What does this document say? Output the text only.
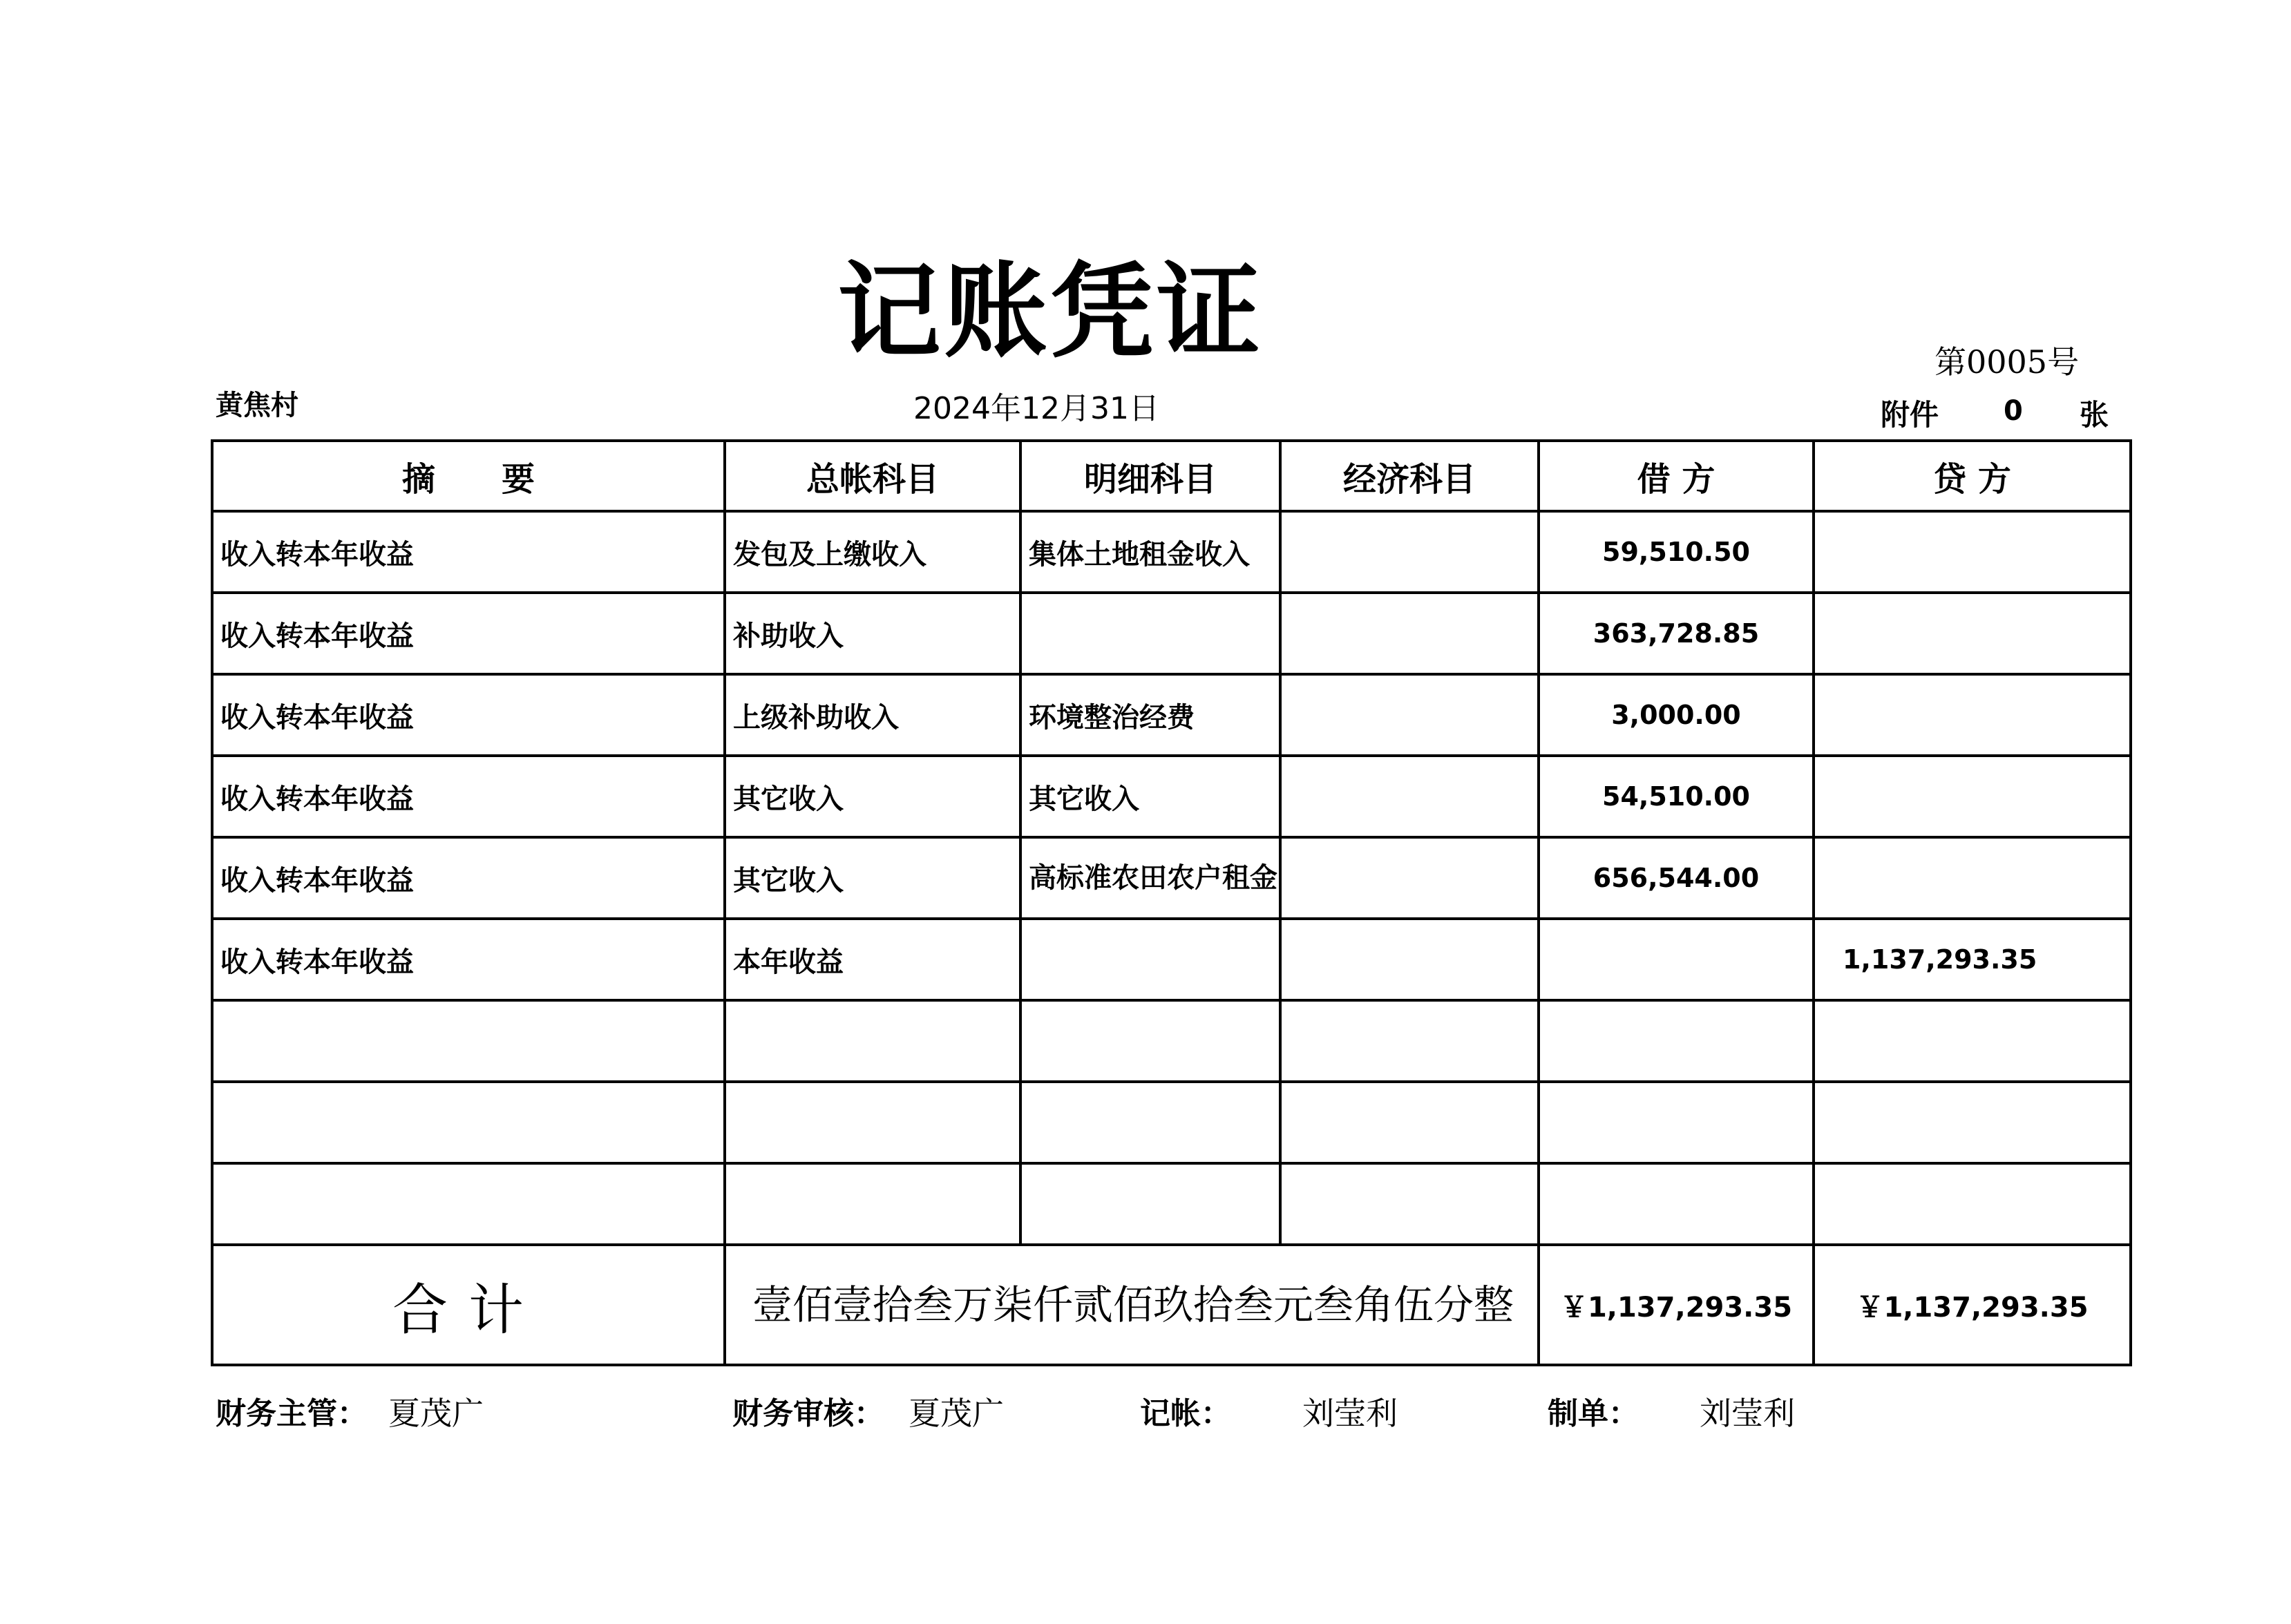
记账凭证	第0005号
黄焦村	2024年12月31日	附件 0 张
摘　　要	总帐科目	明细科目	经济科目	借 方	贷 方
收入转本年收益	发包及上缴收入	集体土地租金收入		59,510.50	
收入转本年收益	补助收入			363,728.85	
收入转本年收益	上级补助收入	环境整治经费		3,000.00	
收入转本年收益	其它收入	其它收入		54,510.00	
收入转本年收益	其它收入	高标准农田农户租金		656,544.00	
收入转本年收益	本年收益				1,137,293.35

合计	壹佰壹拾叁万柒仟贰佰玖拾叁元叁角伍分整			￥1,137,293.35	￥1,137,293.35
财务主管： 夏茂广	财务审核： 夏茂广	记帐： 刘莹利	制单： 刘莹利
